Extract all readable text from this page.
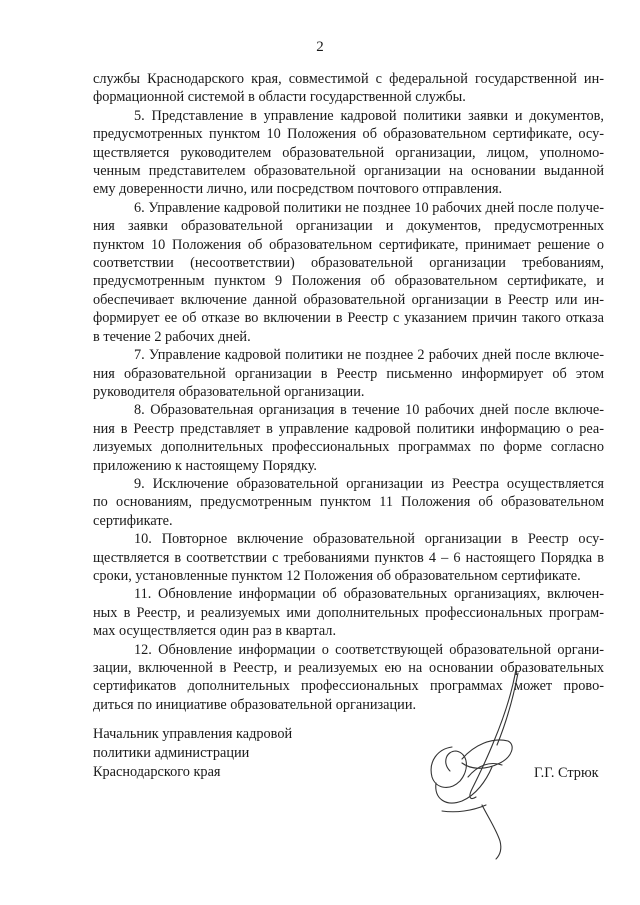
2
службы Краснодарского края, совместимой с федеральной государственной ин-
формационной системой в области государственной службы.
5. Представление в управление кадровой политики заявки и документов,
предусмотренных пунктом 10 Положения об образовательном сертификате, осу-
ществляется руководителем образовательной организации, лицом, уполномо-
ченным представителем образовательной организации на основании выданной
ему доверенности лично, или посредством почтового отправления.
6. Управление кадровой политики не позднее 10 рабочих дней после получе-
ния заявки образовательной организации и документов, предусмотренных
пунктом 10 Положения об образовательном сертификате, принимает решение о
соответствии (несоответствии) образовательной организации требованиям,
предусмотренным пунктом 9 Положения об образовательном сертификате, и
обеспечивает включение данной образовательной организации в Реестр или ин-
формирует ее об отказе во включении в Реестр с указанием причин такого отказа
в течение 2 рабочих дней.
7. Управление кадровой политики не позднее 2 рабочих дней после включе-
ния образовательной организации в Реестр письменно информирует об этом
руководителя образовательной организации.
8. Образовательная организация в течение 10 рабочих дней после включе-
ния в Реестр представляет в управление кадровой политики информацию о реа-
лизуемых дополнительных профессиональных программах по форме согласно
приложению к настоящему Порядку.
9. Исключение образовательной организации из Реестра осуществляется
по основаниям, предусмотренным пунктом 11 Положения об образовательном
сертификате.
10. Повторное включение образовательной организации в Реестр осу-
ществляется в соответствии с требованиями пунктов 4 – 6 настоящего Порядка в
сроки, установленные пунктом 12 Положения об образовательном сертификате.
11. Обновление информации об образовательных организациях, включен-
ных в Реестр, и реализуемых ими дополнительных профессиональных програм-
мах осуществляется один раз в квартал.
12. Обновление информации о соответствующей образовательной органи-
зации, включенной в Реестр, и реализуемых ею на основании образовательных
сертификатов дополнительных профессиональных программах может прово-
диться по инициативе образовательной организации.
Начальник управления кадровой
политики администрации
Краснодарского края	Г.Г. Стрюк
